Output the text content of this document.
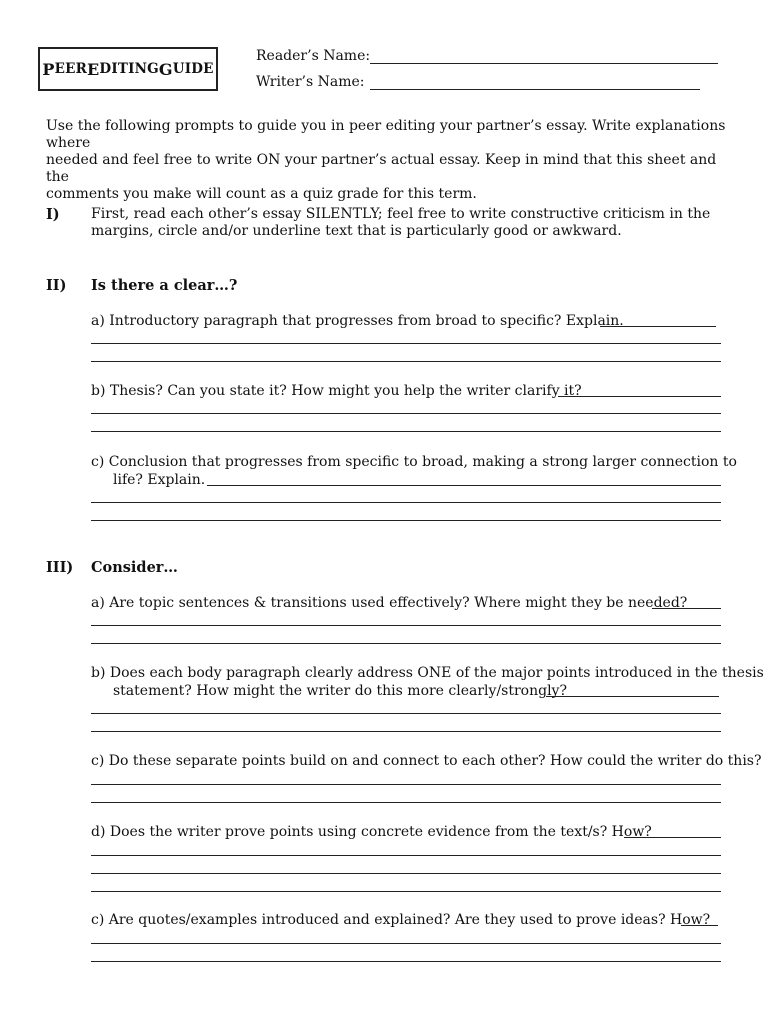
P EER E DITING G UIDE
Reader’s Name:
Writer’s Name:
Use the following prompts to guide you in peer editing your partner’s essay. Write explanations where
needed and feel free to write ON your partner’s actual essay. Keep in mind that this sheet and the
comments you make will count as a quiz grade for this term.
I) First, read each other’s essay SILENTLY; feel free to write constructive criticism in the
margins, circle and/or underline text that is particularly good or awkward.
II) Is there a clear…?
a) Introductory paragraph that progresses from broad to specific? Explain.
b) Thesis? Can you state it? How might you help the writer clarify it?
c) Conclusion that progresses from specific to broad, making a strong larger connection to
life? Explain.
III) Consider…
a) Are topic sentences & transitions used effectively? Where might they be needed?
b) Does each body paragraph clearly address ONE of the major points introduced in the thesis
statement? How might the writer do this more clearly/strongly?
c) Do these separate points build on and connect to each other? How could the writer do this?
d) Does the writer prove points using concrete evidence from the text/s? How?
c) Are quotes/examples introduced and explained? Are they used to prove ideas? How?
